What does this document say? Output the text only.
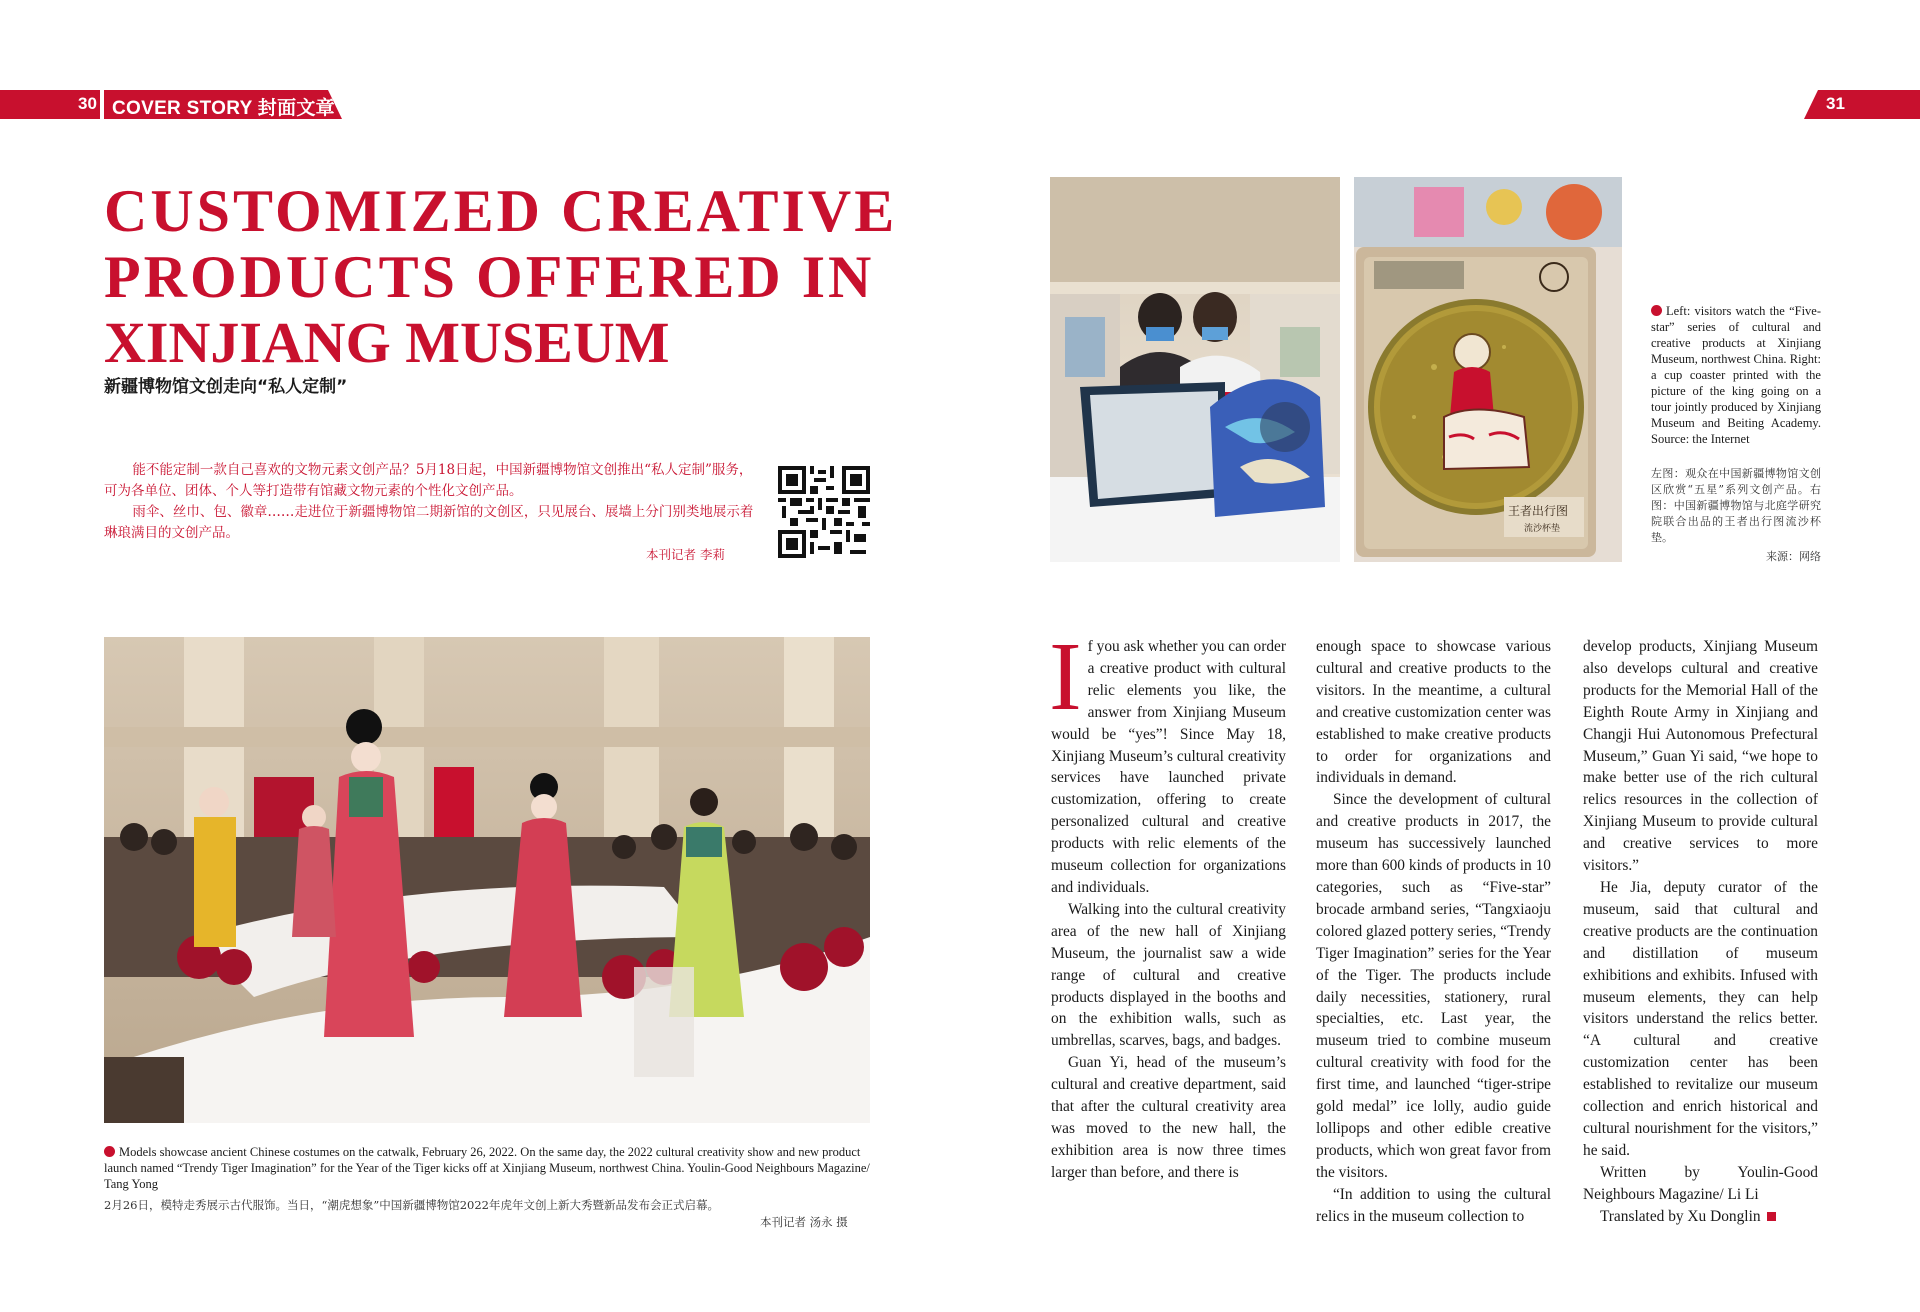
30 COVER STORY 封面文章	31
CUSTOMIZED CREATIVE
PRODUCTS OFFERED IN
XINJIANG MUSEUM
新疆博物馆文创走向“私人定制”

能不能定制一款自己喜欢的文物元素文创产品？5月18日起，中国新疆博物馆文创推出“私人定制”服务，可为各单位、团体、个人等打造带有馆藏文物元素的个性化文创产品。

雨伞、丝巾、包、徽章……走进位于新疆博物馆二期新馆的文创区，只见展台、展墙上分门别类地展示着琳琅满目的文创产品。

本刊记者 李莉
王者出行图
流沙杯垫
Left: visitors watch the “Five-star” series of cultural and creative products at Xinjiang Museum, northwest China. Right: a cup coaster printed with the picture of the king going on a tour jointly produced by Xinjiang Museum and Beiting Academy. Source: the Internet
左图：观众在中国新疆博物馆文创区欣赏“五星”系列文创产品。右图：中国新疆博物馆与北庭学研究院联合出品的王者出行图流沙杯垫。
来源：网络
Models showcase ancient Chinese costumes on the catwalk, February 26, 2022. On the same day, the 2022 cultural creativity show and new product launch named “Trendy Tiger Imagination” for the Year of the Tiger kicks off at Xinjiang Museum, northwest China. Youlin-Good Neighbours Magazine/ Tang Yong
2月26日，模特走秀展示古代服饰。当日，“潮虎想象”中国新疆博物馆2022年虎年文创上新大秀暨新品发布会正式启幕。
本刊记者 汤永 摄

If you ask whether you can order a creative product with cultural relic elements you like, the answer from Xinjiang Museum would be “yes”! Since May 18, Xinjiang Museum’s cultural creativity services have launched private customization, offering to create personalized cultural and creative products with relic elements of the museum collection for organizations and individuals.

Walking into the cultural creativity area of the new hall of Xinjiang Museum, the journalist saw a wide range of cultural and creative products displayed in the booths and on the exhibition walls, such as umbrellas, scarves, bags, and badges.

Guan Yi, head of the museum’s cultural and creative department, said that after the cultural creativity area was moved to the new hall, the exhibition area is now three times larger than before, and there is

enough space to showcase various cultural and creative products to the visitors. In the meantime, a cultural and creative customization center was established to make creative products to order for organizations and individuals in demand.

Since the development of cultural and creative products in 2017, the museum has successively launched more than 600 kinds of products in 10 categories, such as “Five-star” brocade armband series, “Tangxiaoju colored glazed pottery series, “Trendy Tiger Imagination” series for the Year of the Tiger. The products include daily necessities, stationery, rural specialties, etc. Last year, the museum tried to combine museum cultural creativity with food for the first time, and launched “tiger-stripe gold medal” ice lolly, audio guide lollipops and other edible creative products, which won great favor from the visitors.

“In addition to using the cultural relics in the museum collection to

develop products, Xinjiang Museum also develops cultural and creative products for the Memorial Hall of the Eighth Route Army in Xinjiang and Changji Hui Autonomous Prefectural Museum,” Guan Yi said, “we hope to make better use of the rich cultural relics resources in the collection of Xinjiang Museum to provide cultural and creative services to more visitors.”

He Jia, deputy curator of the museum, said that cultural and creative products are the continuation and distillation of museum exhibitions and exhibits. Infused with museum elements, they can help visitors understand the relics better. “A cultural and creative customization center has been established to revitalize our museum collection and enrich historical and cultural nourishment for the visitors,” he said.

Written by Youlin-Good Neighbours Magazine/ Li Li

Translated by Xu Donglin
